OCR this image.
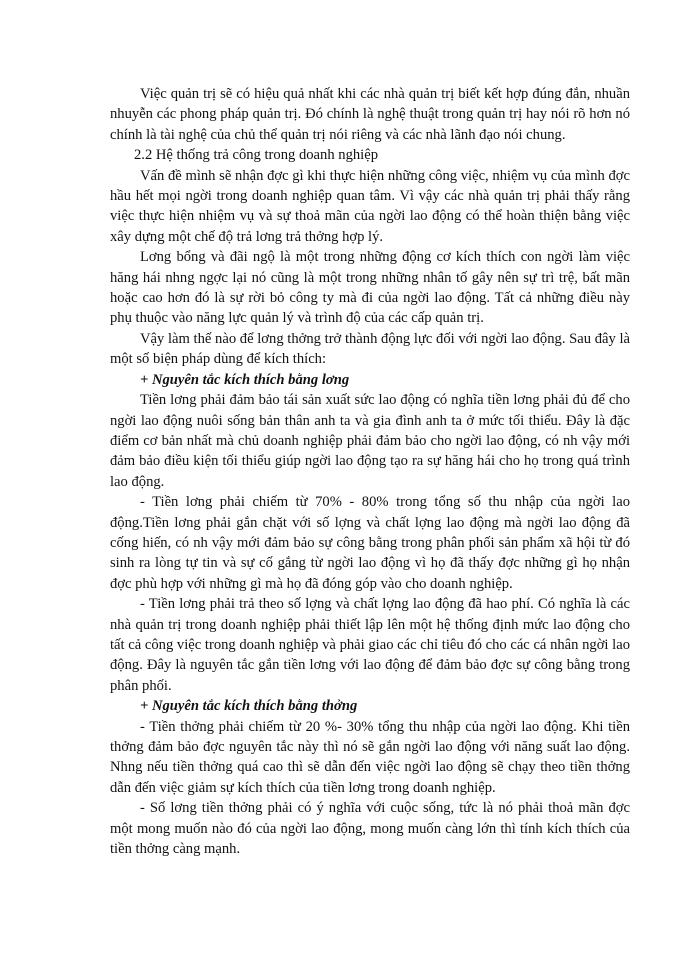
Việc quản trị sẽ có hiệu quả nhất khi các nhà quản trị biết kết hợp đúng đắn, nhuần nhuyễn các phong pháp quản trị. Đó chính là nghệ thuật trong quản trị hay nói rõ hơn nó chính là tài nghệ của chủ thể quản trị nói riêng và các nhà lãnh đạo nói chung.

2.2 Hệ thống trả công trong doanh nghiệp

Vấn đề mình sẽ nhận đợc gì khi thực hiện những công việc, nhiệm vụ của mình đợc hầu hết mọi ngời trong doanh nghiệp quan tâm. Vì vậy các nhà quản trị phải thấy rằng việc thực hiện nhiệm vụ và sự thoả mãn của ngời lao động có thể hoàn thiện bằng việc xây dựng một chế độ trả lơng trả thởng hợp lý.

Lơng bổng và đãi ngộ là một trong những động cơ kích thích con ngời làm việc hăng hái nhng ngợc lại nó cũng là một trong những nhân tố gây nên sự trì trệ, bất mãn hoặc cao hơn đó là sự rời bỏ công ty mà đi của ngời lao động. Tất cả những điều này phụ thuộc vào năng lực quản lý và trình độ của các cấp quản trị.

Vậy làm thế nào để lơng thởng trở thành động lực đối với ngời lao động. Sau đây là một số biện pháp dùng để kích thích:

+ Nguyên tắc kích thích bằng lơng

Tiền lơng phải đảm bảo tái sản xuất sức lao động có nghĩa tiền lơng phải đủ để cho ngời lao động nuôi sống bản thân anh ta và gia đình anh ta ở mức tối thiểu. Đây là đặc điểm cơ bản nhất mà chủ doanh nghiệp phải đảm bảo cho ngời lao động, có nh vậy mới đảm bảo điều kiện tối thiểu giúp ngời lao động tạo ra sự hăng hái cho họ trong quá trình lao động.

- Tiền lơng phải chiếm từ 70% - 80% trong tổng số thu nhập của ngời lao động.Tiền lơng phải gắn chặt với số lợng và chất lợng lao động mà ngời lao động đã cống hiến, có nh vậy mới đảm bảo sự công bằng trong phân phối sản phẩm xã hội từ đó sinh ra lòng tự tin và sự cố gắng từ ngời lao động vì họ đã thấy đợc những gì họ nhận đợc phù hợp với những gì mà họ đã đóng góp vào cho doanh nghiệp.

- Tiền lơng phải trả theo số lợng và chất lợng lao động đã hao phí. Có nghĩa là các nhà quản trị trong doanh nghiệp phải thiết lập lên một hệ thống định mức lao động cho tất cả công việc trong doanh nghiệp và phải giao các chỉ tiêu đó cho các cá nhân ngời lao động. Đây là nguyên tắc gắn tiền lơng với lao động để đảm bảo đợc sự công bằng trong phân phối.

+ Nguyên tắc kích thích bằng thởng

- Tiền thởng phải chiếm từ 20 %- 30% tổng thu nhập của ngời lao động. Khi tiền thởng đảm bảo đợc nguyên tắc này thì nó sẽ gắn ngời lao động với năng suất lao động. Nhng nếu tiền thởng quá cao thì sẽ dẫn đến việc ngời lao động sẽ chạy theo tiền thởng dẫn đến việc giảm sự kích thích của tiền lơng trong doanh nghiệp.

- Số lơng tiền thởng phải có ý nghĩa với cuộc sống, tức là nó phải thoả mãn đợc một mong muốn nào đó của ngời lao động, mong muốn càng lớn thì tính kích thích của tiền thởng càng mạnh.
